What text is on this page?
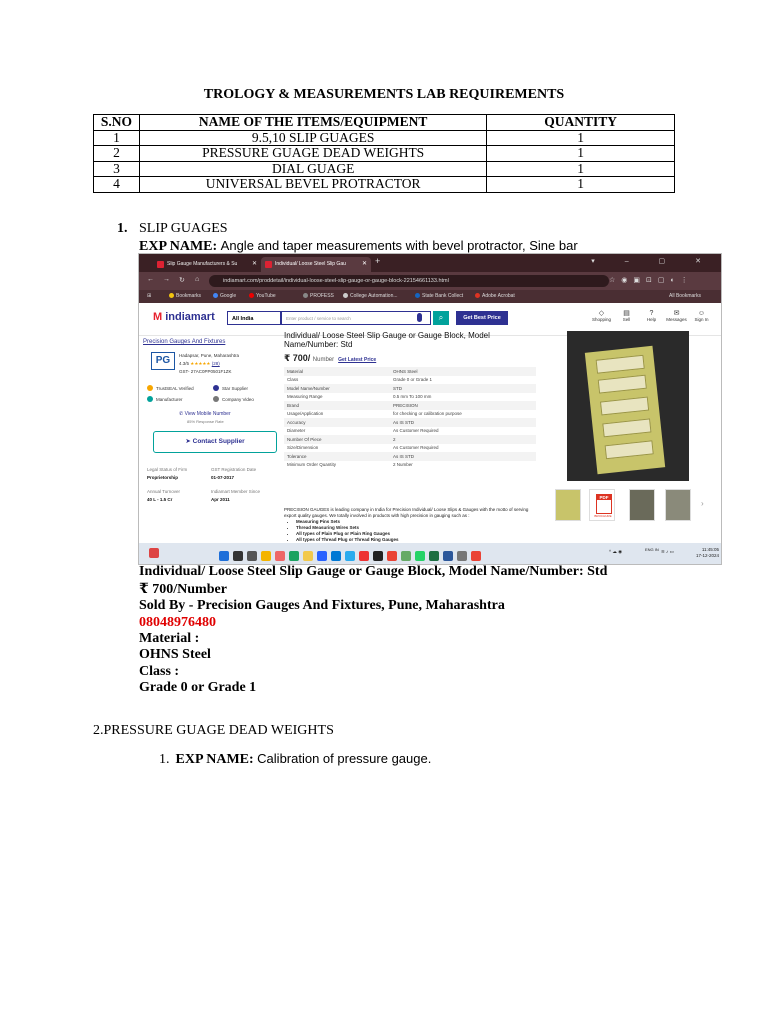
TROLOGY & MEASUREMENTS LAB REQUIREMENTS
S.NO	NAME OF THE ITEMS/EQUIPMENT	QUANTITY
1	9.5,10 SLIP GUAGES	1
2	PRESSURE GUAGE DEAD WEIGHTS	1
3	DIAL GUAGE	1
4	UNIVERSAL BEVEL PROTRACTOR	1
1. SLIP GUAGES
EXP NAME: Angle and taper measurements with bevel protractor, Sine bar
Slip Gauge Manufacturers & Su ✕	Individual/ Loose Steel Slip Gau	✕ +	▾ – ▢ ✕
← → ↻ ⌂	indiamart.com/proddetail/individual-loose-steel-slip-gauge-or-gauge-block-22154661133.html	☆◉▣⊡▢◐⋮
⊞	Bookmarks	Google	YouTube	PROFESS	College Automation...	State Bank Collect	Adobe Acrobat	All Bookmarks
M indiamart	All India	Enter product / service to search	⌕	Get Best Price
◇
Shopping
▤
Sell
?
Help
✉
Messages
☺
Sign In
Precision Gauges And Fixtures
PG	Hadapsar, Pune, Maharashtra
4.3/5 ★★★★★ (28)
GST- 27AC0PP0501F1ZK
TrustSEAL Verified	Star Supplier
Manufacturer	Company Video
✆ View Mobile Number
85% Response Rate
➤ Contact Supplier
Legal Status of Firm
Proprietorship
GST Registration Date
01-07-2017
Annual Turnover
40 L - 1.5 Cr
Indiamart Member Since
Apr 2011
Individual/ Loose Steel Slip Gauge or Gauge Block, Model Name/Number: Std
₹ 700/ Number Get Latest Price
Material	OHNS Steel
Class	Grade 0 or Grade 1
Model Name/Number	STD
Measuring Range	0.5 mm To 100 mm
Brand	PRECISION
Usage/Application	for checking or calibration purpose
Accuracy	As IS STD
Diameter	As Customer Required
Number Of Piece	2
Size/Dimension	As Customer Required
Tolerance	As IS STD
Minimum Order Quantity	2 Number
PRECISION GAUGES is leading company in India for Precision Individual/ Loose Slips & Gauges with the motto of serving export quality gauges. We totally involved in products with high precision in gauging such as :
• Measuring Pins Sets
• Thread Measuring Wires Sets
• All types of Plain Plug or Plain Ring Gauges
• All types of Thread Plug or Thread Ring Gauges
•
PDF
BROCHURE
›
^ ☁ ◉	ENG IN ≋ ♪ ▭	11:45:05
17-12-2024
Individual/ Loose Steel Slip Gauge or Gauge Block, Model Name/Number: Std
₹ 700/Number
Sold By - Precision Gauges And Fixtures, Pune, Maharashtra
08048976480
Material :
OHNS Steel
Class :
Grade 0 or Grade 1
2.PRESSURE GUAGE DEAD WEIGHTS
1. EXP NAME: Calibration of pressure gauge.
